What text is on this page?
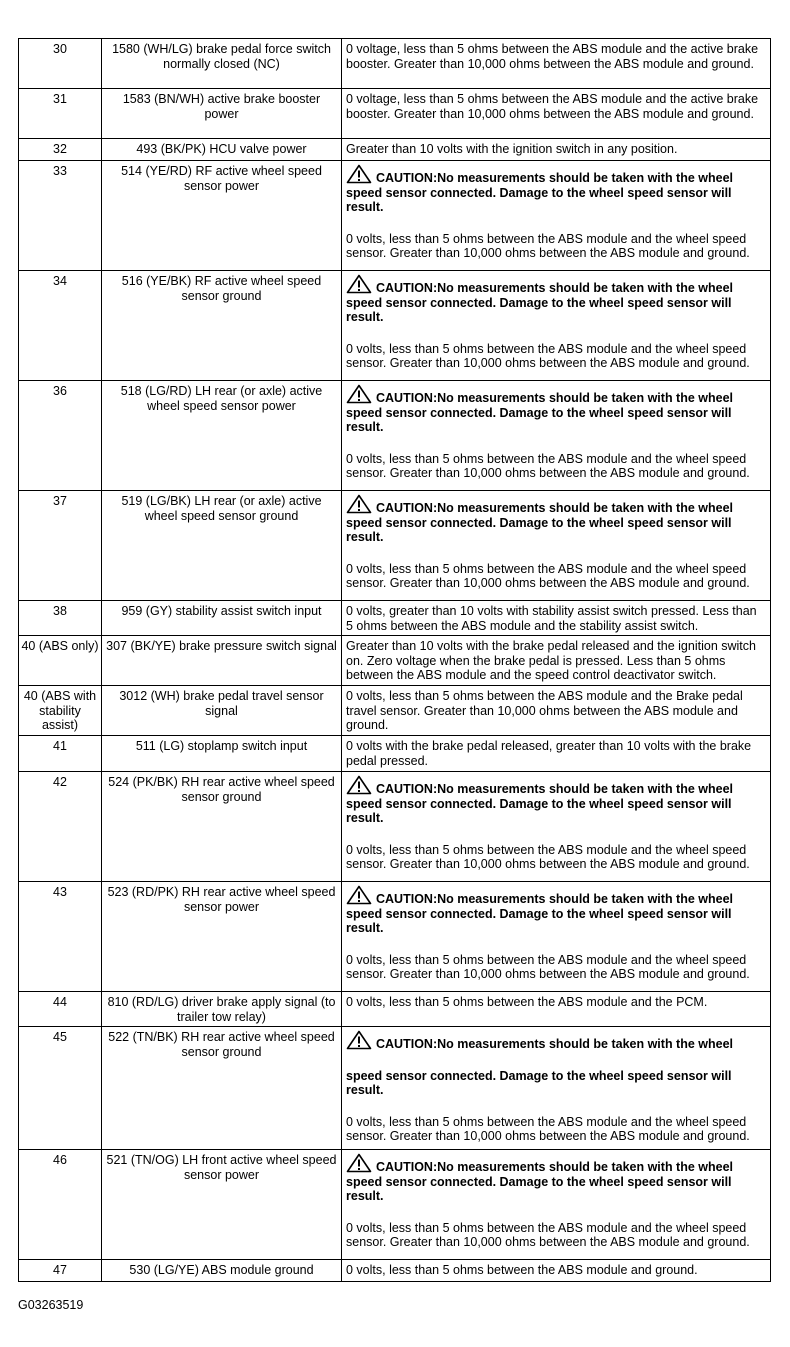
30	1580 (WH/LG) brake pedal force switch normally closed (NC)	0 voltage, less than 5 ohms between the ABS module and the active brake booster. Greater than 10,000 ohms between the ABS module and ground.

31	1583 (BN/WH) active brake booster power	0 voltage, less than 5 ohms between the ABS module and the active brake booster. Greater than 10,000 ohms between the ABS module and ground.

32	493 (BK/PK) HCU valve power	Greater than 10 volts with the ignition switch in any position.

33	514 (YE/RD) RF active wheel speed sensor power	CAUTION:No measurements should be taken with the wheel speed sensor connected. Damage to the wheel speed sensor will result.
0 volts, less than 5 ohms between the ABS module and the wheel speed sensor. Greater than 10,000 ohms between the ABS module and ground.

34	516 (YE/BK) RF active wheel speed sensor ground	CAUTION:No measurements should be taken with the wheel speed sensor connected. Damage to the wheel speed sensor will result.
0 volts, less than 5 ohms between the ABS module and the wheel speed sensor. Greater than 10,000 ohms between the ABS module and ground.

36	518 (LG/RD) LH rear (or axle) active wheel speed sensor power	CAUTION:No measurements should be taken with the wheel speed sensor connected. Damage to the wheel speed sensor will result.
0 volts, less than 5 ohms between the ABS module and the wheel speed sensor. Greater than 10,000 ohms between the ABS module and ground.

37	519 (LG/BK) LH rear (or axle) active wheel speed sensor ground	CAUTION:No measurements should be taken with the wheel speed sensor connected. Damage to the wheel speed sensor will result.
0 volts, less than 5 ohms between the ABS module and the wheel speed sensor. Greater than 10,000 ohms between the ABS module and ground.

38	959 (GY) stability assist switch input	0 volts, greater than 10 volts with stability assist switch pressed. Less than 5 ohms between the ABS module and the stability assist switch.

40 (ABS only)	307 (BK/YE) brake pressure switch signal	Greater than 10 volts with the brake pedal released and the ignition switch on. Zero voltage when the brake pedal is pressed. Less than 5 ohms between the ABS module and the speed control deactivator switch.

40 (ABS with stability assist)	3012 (WH) brake pedal travel sensor signal	0 volts, less than 5 ohms between the ABS module and the Brake pedal travel sensor. Greater than 10,000 ohms between the ABS module and ground.

41	511 (LG) stoplamp switch input	0 volts with the brake pedal released, greater than 10 volts with the brake pedal pressed.

42	524 (PK/BK) RH rear active wheel speed sensor ground	CAUTION:No measurements should be taken with the wheel speed sensor connected. Damage to the wheel speed sensor will result.
0 volts, less than 5 ohms between the ABS module and the wheel speed sensor. Greater than 10,000 ohms between the ABS module and ground.

43	523 (RD/PK) RH rear active wheel speed sensor power	CAUTION:No measurements should be taken with the wheel speed sensor connected. Damage to the wheel speed sensor will result.
0 volts, less than 5 ohms between the ABS module and the wheel speed sensor. Greater than 10,000 ohms between the ABS module and ground.

44	810 (RD/LG) driver brake apply signal (to trailer tow relay)	0 volts, less than 5 ohms between the ABS module and the PCM.

45	522 (TN/BK) RH rear active wheel speed sensor ground	CAUTION:No measurements should be taken with the wheel
speed sensor connected. Damage to the wheel speed sensor will result.
0 volts, less than 5 ohms between the ABS module and the wheel speed sensor. Greater than 10,000 ohms between the ABS module and ground.

46	521 (TN/OG) LH front active wheel speed sensor power	CAUTION:No measurements should be taken with the wheel speed sensor connected. Damage to the wheel speed sensor will result.
0 volts, less than 5 ohms between the ABS module and the wheel speed sensor. Greater than 10,000 ohms between the ABS module and ground.

47	530 (LG/YE) ABS module ground	0 volts, less than 5 ohms between the ABS module and ground.
G03263519
